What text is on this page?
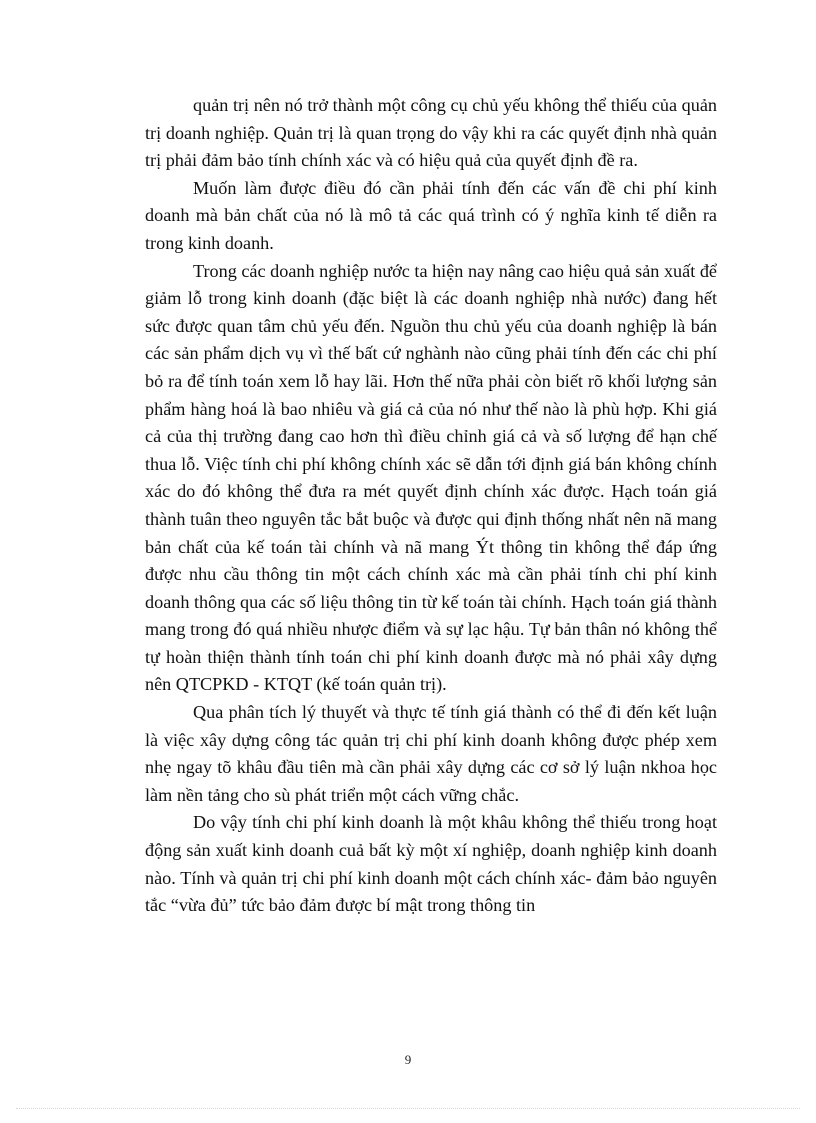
quản trị nên nó trở thành một công cụ chủ yếu không thể thiếu của quản trị doanh nghiệp. Quản trị là quan trọng do vậy khi ra các quyết định nhà quản trị phải đảm bảo tính chính xác và có hiệu quả của quyết định đề ra.

Muốn làm được điều đó cần phải tính đến các vấn đề chi phí kinh doanh mà bản chất của nó là mô tả các quá trình có ý nghĩa kinh tế diễn ra trong kinh doanh.

Trong các doanh nghiệp nước ta hiện nay nâng cao hiệu quả sản xuất để giảm lỗ trong kinh doanh (đặc biệt là các doanh nghiệp nhà nước) đang hết sức được quan tâm chủ yếu đến. Nguồn thu chủ yếu của doanh nghiệp là bán các sản phẩm dịch vụ vì thế bất cứ nghành nào cũng phải tính đến các chi phí bỏ ra để tính toán xem lỗ hay lãi. Hơn thế nữa phải còn biết rõ khối lượng sản phẩm hàng hoá là bao nhiêu và giá cả của nó như thế nào là phù hợp. Khi giá cả của thị trường đang cao hơn thì điều chỉnh giá cả và số lượng để hạn chế thua lỗ. Việc tính chi phí không chính xác sẽ dẫn tới định giá bán không chính xác do đó không thể đưa ra mét quyết định chính xác được. Hạch toán giá thành tuân theo nguyên tắc bắt buộc và được qui định thống nhất nên nã mang bản chất của kế toán tài chính và nã mang Ýt thông tin không thể đáp ứng được nhu cầu thông tin một cách chính xác mà cần phải tính chi phí kinh doanh thông qua các số liệu thông tin từ kế toán tài chính. Hạch toán giá thành mang trong đó quá nhiều nhược điểm và sự lạc hậu. Tự bản thân nó không thể tự hoàn thiện thành tính toán chi phí kinh doanh được mà nó phải xây dựng nên QTCPKD - KTQT (kế toán quản trị).

Qua phân tích lý thuyết và thực tế tính giá thành có thể đi đến kết luận là việc xây dựng công tác quản trị chi phí kinh doanh không được phép xem nhẹ ngay tõ khâu đầu tiên mà cần phải xây dựng các cơ sở lý luận nkhoa học làm nền tảng cho sù phát triển một cách vững chắc.

Do vậy tính chi phí kinh doanh là một khâu không thể thiếu trong hoạt động sản xuất kinh doanh cuả bất kỳ một xí nghiệp, doanh nghiệp kinh doanh nào. Tính và quản trị chi phí kinh doanh một cách chính xác- đảm bảo nguyên tắc “vừa đủ” tức bảo đảm được bí mật trong thông tin

9
